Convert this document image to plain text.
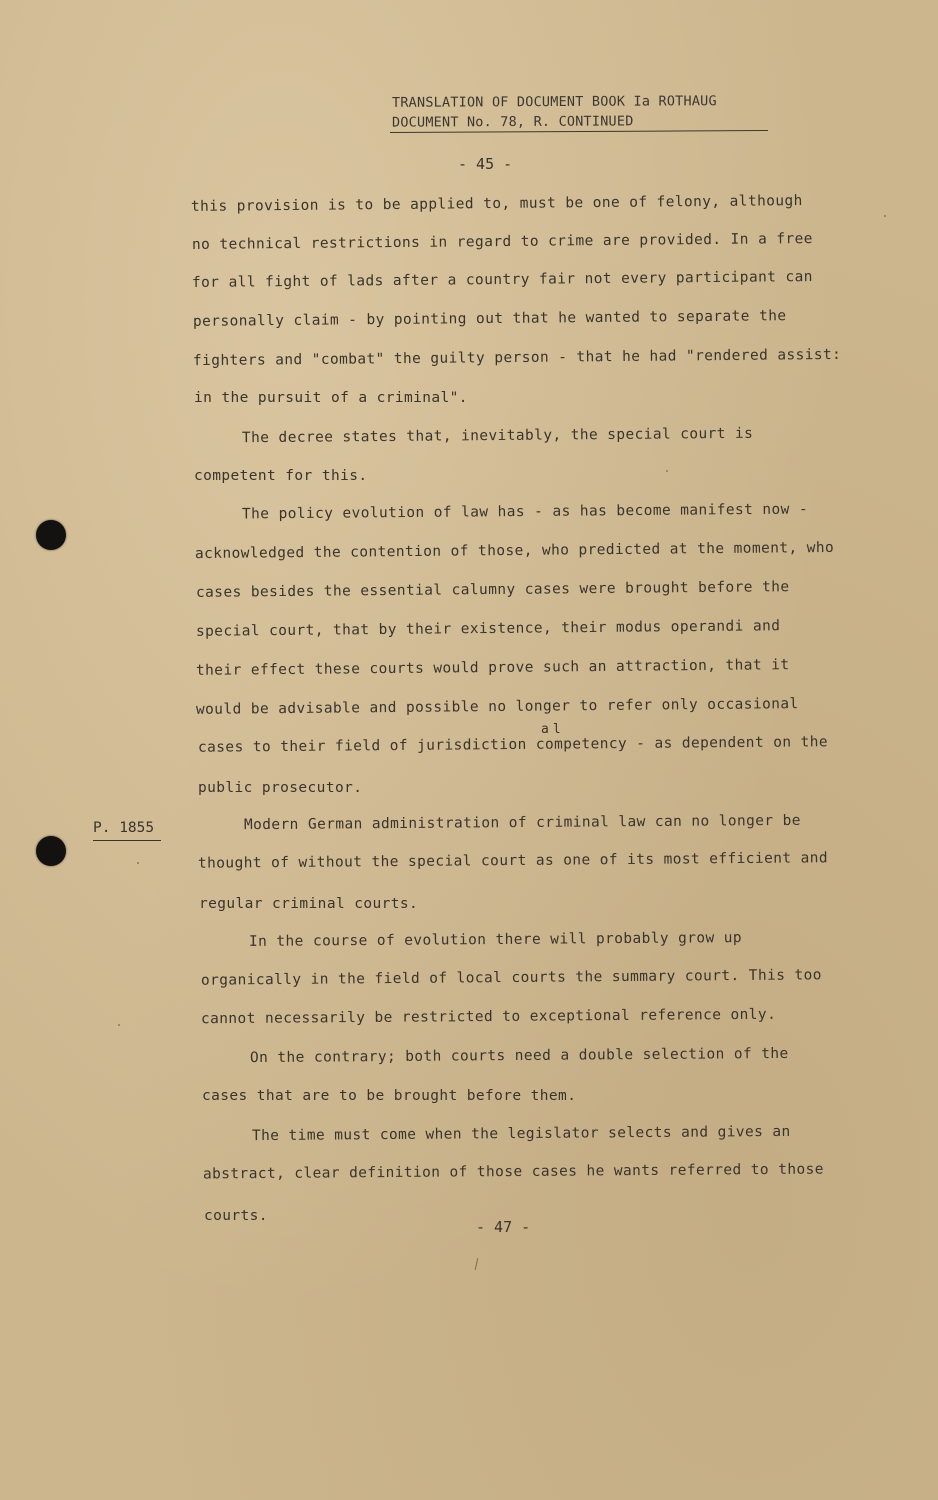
TRANSLATION OF DOCUMENT BOOK Ia ROTHAUG
DOCUMENT No. 78, R. CONTINUED
- 45 -
this provision is to be applied to, must be one of felony, although
no technical restrictions in regard to crime are provided. In a free
for all fight of lads after a country fair not every participant can
personally claim - by pointing out that he wanted to separate the
fighters and "combat" the guilty person - that he had "rendered assist:
in the pursuit of a criminal".
The decree states that, inevitably, the special court is
competent for this.
The policy evolution of law has - as has become manifest now -
acknowledged the contention of those, who predicted at the moment, who
cases besides the essential calumny cases were brought before the
special court, that by their existence, their modus operandi and
their effect these courts would prove such an attraction, that it
would be advisable and possible no longer to refer only occasional
al
cases to their field of jurisdiction competency - as dependent on the
public prosecutor.
P. 1855	Modern German administration of criminal law can no longer be
thought of without the special court as one of its most efficient and
regular criminal courts.
In the course of evolution there will probably grow up
organically in the field of local courts the summary court. This too
cannot necessarily be restricted to exceptional reference only.
On the contrary; both courts need a double selection of the
cases that are to be brought before them.
The time must come when the legislator selects and gives an
abstract, clear definition of those cases he wants referred to those
courts.
- 47 -
